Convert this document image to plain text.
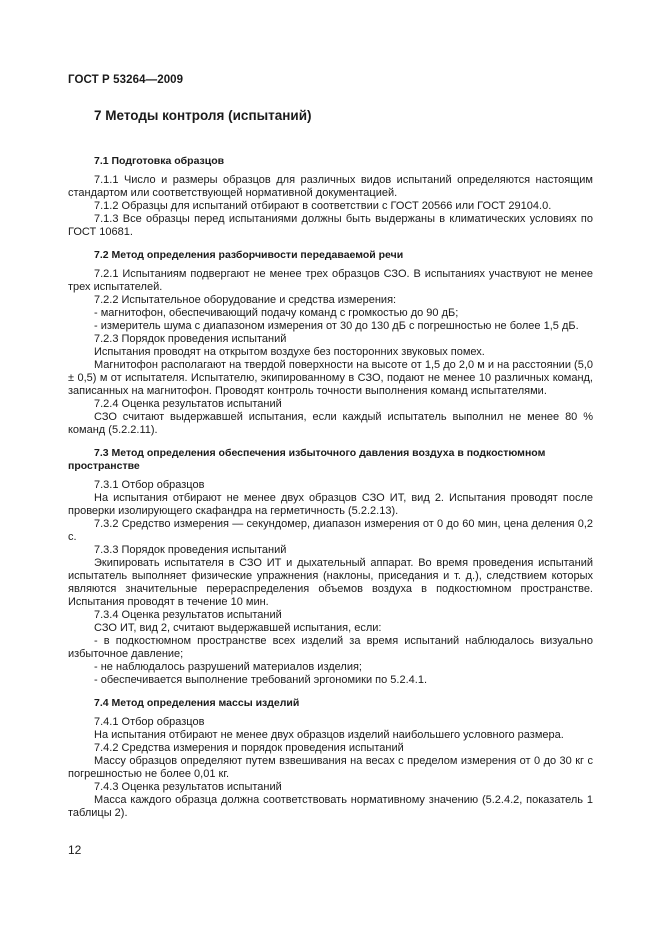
ГОСТ Р 53264—2009
7 Методы контроля (испытаний)
7.1 Подготовка образцов

7.1.1 Число и размеры образцов для различных видов испытаний определяются настоящим стандартом или соответствующей нормативной документацией.

7.1.2 Образцы для испытаний отбирают в соответствии с ГОСТ 20566 или ГОСТ 29104.0.

7.1.3 Все образцы перед испытаниями должны быть выдержаны в климатических условиях по ГОСТ 10681.

7.2 Метод определения разборчивости передаваемой речи

7.2.1 Испытаниям подвергают не менее трех образцов СЗО. В испытаниях участвуют не менее трех испытателей.

7.2.2 Испытательное оборудование и средства измерения:

- магнитофон, обеспечивающий подачу команд с громкостью до 90 дБ;

- измеритель шума с диапазоном измерения от 30 до 130 дБ с погрешностью не более 1,5 дБ.

7.2.3 Порядок проведения испытаний

Испытания проводят на открытом воздухе без посторонних звуковых помех.

Магнитофон располагают на твердой поверхности на высоте от 1,5 до 2,0 м и на расстоянии (5,0 ± 0,5) м от испытателя. Испытателю, экипированному в СЗО, подают не менее 10 различных команд, записанных на магнитофон. Проводят контроль точности выполнения команд испытателями.

7.2.4 Оценка результатов испытаний

СЗО считают выдержавшей испытания, если каждый испытатель выполнил не менее 80 % команд (5.2.2.11).

7.3 Метод определения обеспечения избыточного давления воздуха в подкостюмном пространстве

7.3.1 Отбор образцов

На испытания отбирают не менее двух образцов СЗО ИТ, вид 2. Испытания проводят после проверки изолирующего скафандра на герметичность (5.2.2.13).

7.3.2 Средство измерения — секундомер, диапазон измерения от 0 до 60 мин, цена деления 0,2 с.

7.3.3 Порядок проведения испытаний

Экипировать испытателя в СЗО ИТ и дыхательный аппарат. Во время проведения испытаний испытатель выполняет физические упражнения (наклоны, приседания и т. д.), следствием которых являются значительные перераспределения объемов воздуха в подкостюмном пространстве. Испытания проводят в течение 10 мин.

7.3.4 Оценка результатов испытаний

СЗО ИТ, вид 2, считают выдержавшей испытания, если:

- в подкостюмном пространстве всех изделий за время испытаний наблюдалось визуально избыточное давление;

- не наблюдалось разрушений материалов изделия;

- обеспечивается выполнение требований эргономики по 5.2.4.1.

7.4 Метод определения массы изделий

7.4.1 Отбор образцов

На испытания отбирают не менее двух образцов изделий наибольшего условного размера.

7.4.2 Средства измерения и порядок проведения испытаний

Массу образцов определяют путем взвешивания на весах с пределом измерения от 0 до 30 кг с погрешностью не более 0,01 кг.

7.4.3 Оценка результатов испытаний

Масса каждого образца должна соответствовать нормативному значению (5.2.4.2, показатель 1 таблицы 2).

12
